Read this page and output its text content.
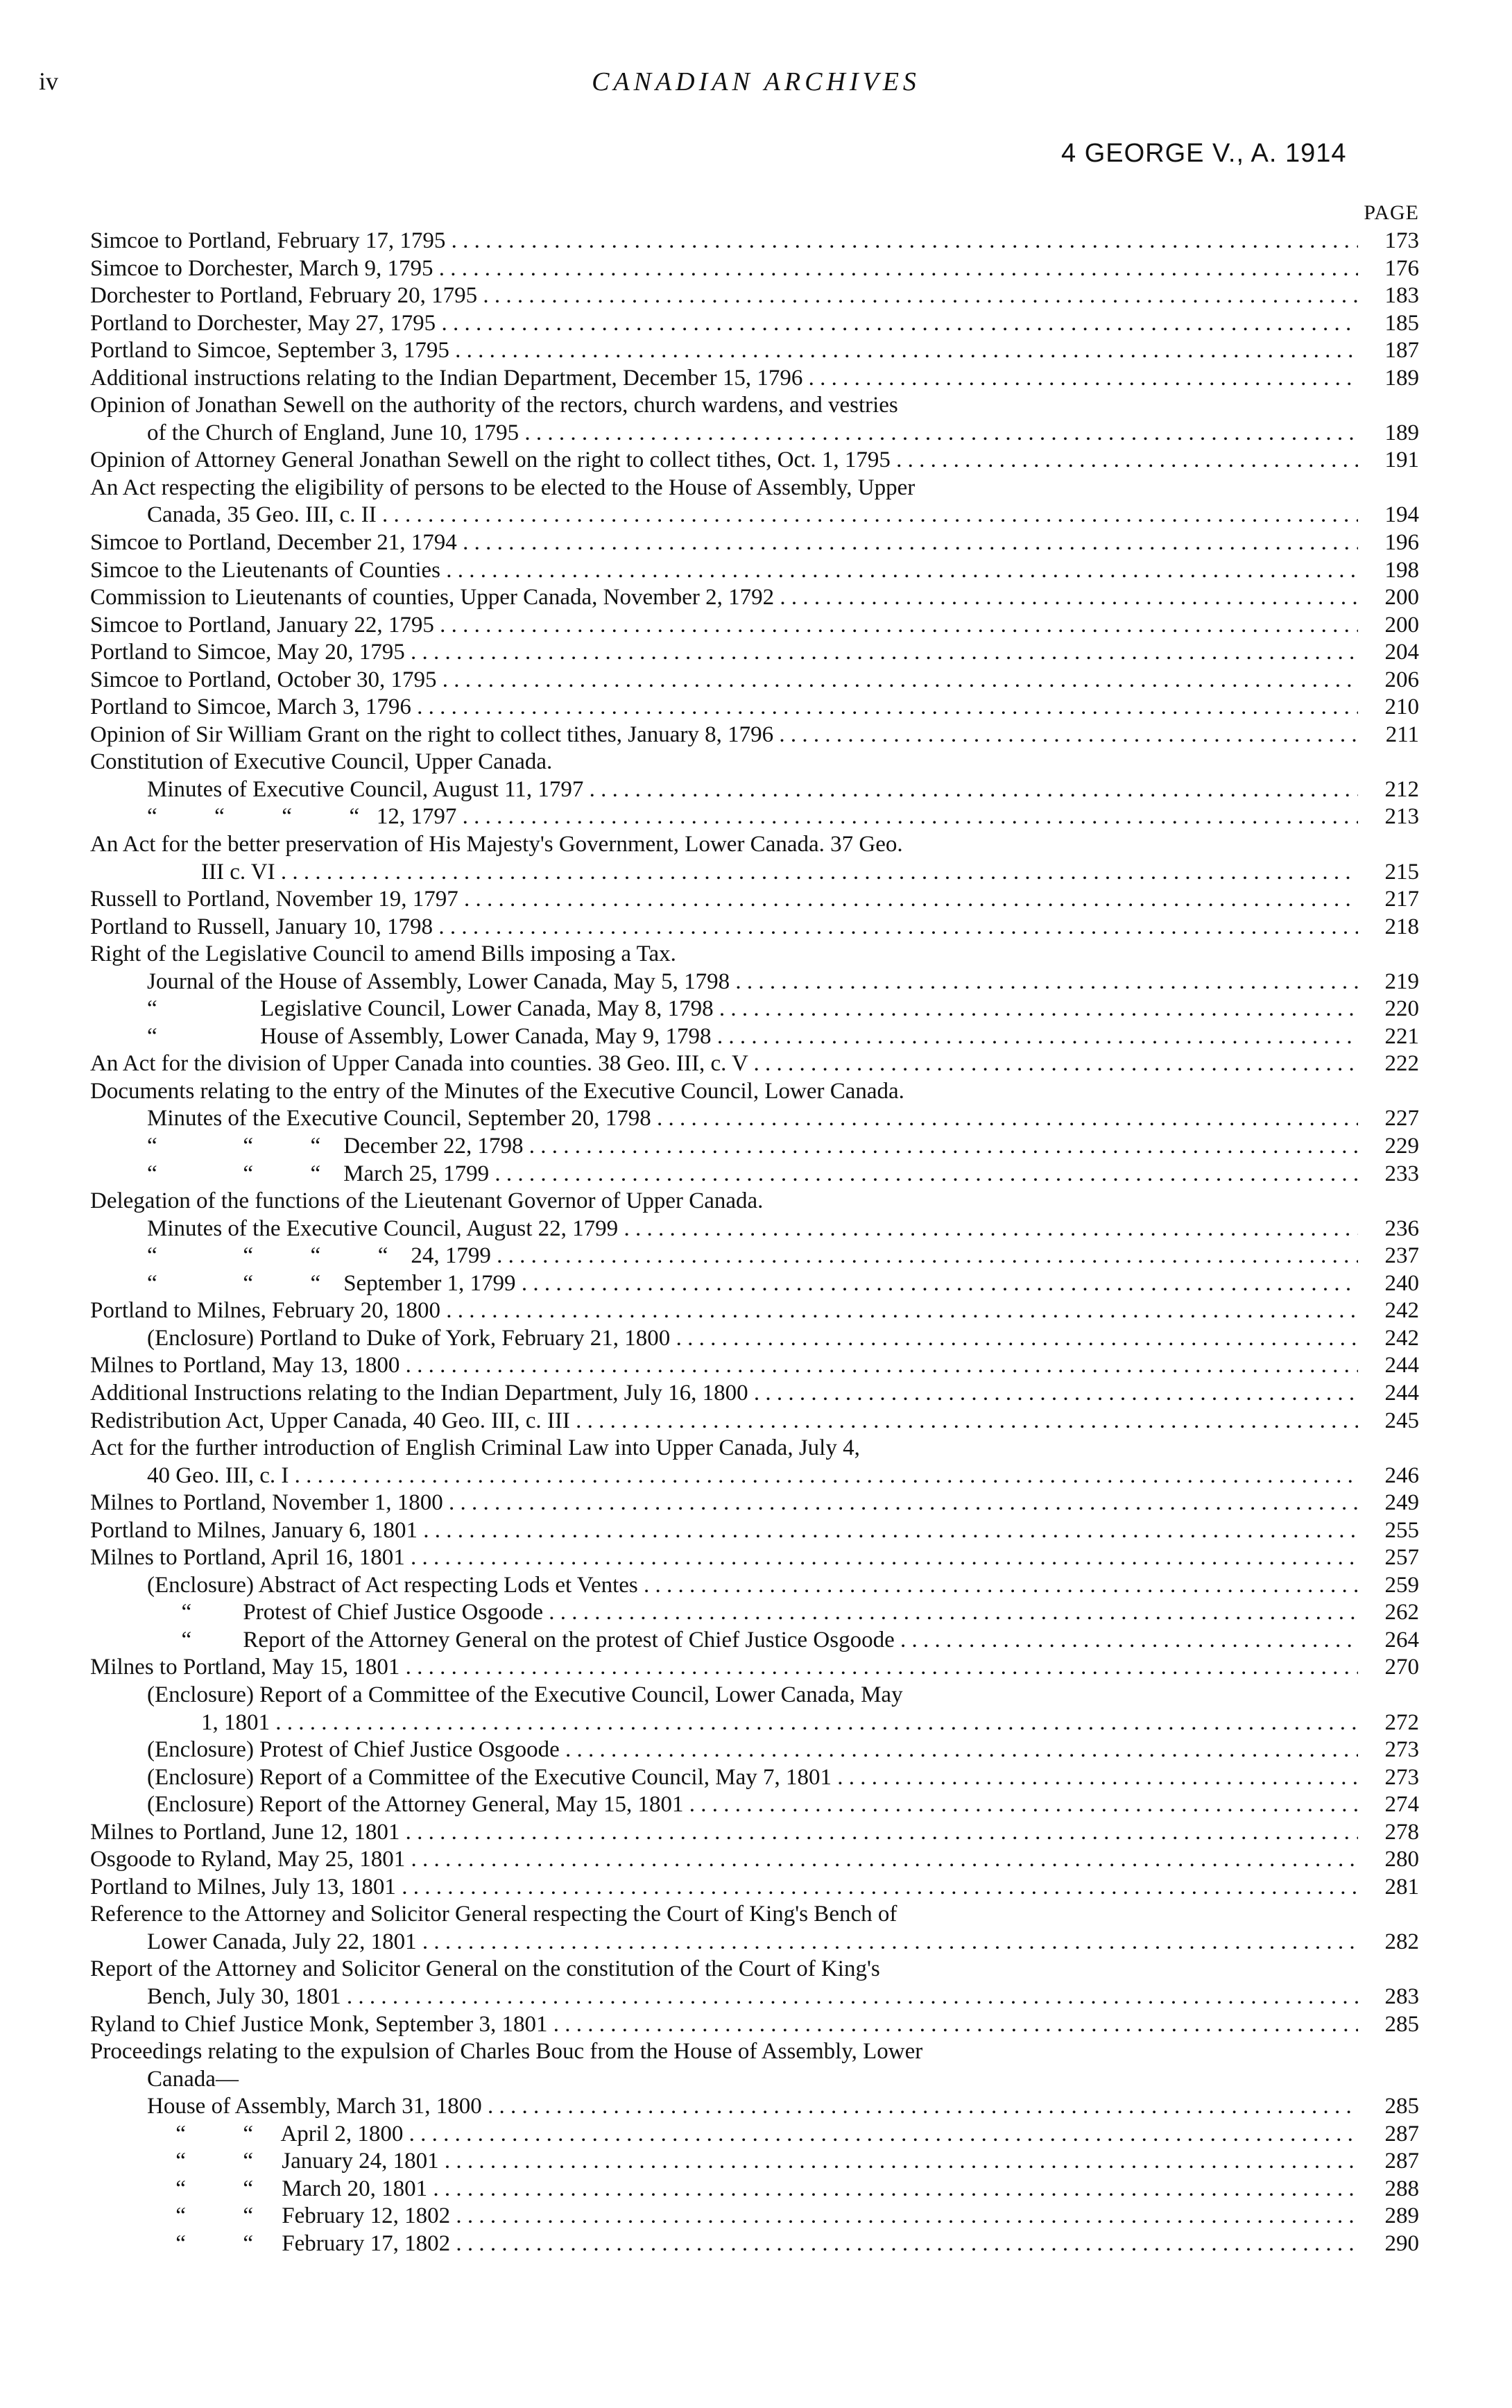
iv	CANADIAN ARCHIVES
4 GEORGE V., A. 1914
PAGE
Simcoe to Portland, February 17, 1795 . . .	173
Simcoe to Dorchester, March 9, 1795 . . .	176
Dorchester to Portland, February 20, 1795 . . .	183
Portland to Dorchester, May 27, 1795 . . .	185
Portland to Simcoe, September 3, 1795 . . .	187
Additional instructions relating to the Indian Department, December 15, 1796 . . .	189
Opinion of Jonathan Sewell on the authority of the rectors, church wardens, and vestries
of the Church of England, June 10, 1795 . . .	189
Opinion of Attorney General Jonathan Sewell on the right to collect tithes, Oct. 1, 1795 . . .	191
An Act respecting the eligibility of persons to be elected to the House of Assembly, Upper
Canada, 35 Geo. III, c. II . . .	194
Simcoe to Portland, December 21, 1794 . . .	196
Simcoe to the Lieutenants of Counties . . .	198
Commission to Lieutenants of counties, Upper Canada, November 2, 1792 . . .	200
Simcoe to Portland, January 22, 1795 . . .	200
Portland to Simcoe, May 20, 1795 . . .	204
Simcoe to Portland, October 30, 1795 . . .	206
Portland to Simcoe, March 3, 1796 . . .	210
Opinion of Sir William Grant on the right to collect tithes, January 8, 1796 . . .	211
Constitution of Executive Council, Upper Canada.
Minutes of Executive Council, August 11, 1797 . . .	212
“          “          “          “   12, 1797 . . .	213
An Act for the better preservation of His Majesty's Government, Lower Canada. 37 Geo.
III c. VI . . .	215
Russell to Portland, November 19, 1797 . . .	217
Portland to Russell, January 10, 1798 . . .	218
Right of the Legislative Council to amend Bills imposing a Tax.
Journal of the House of Assembly, Lower Canada, May 5, 1798 . . .	219
“                  Legislative Council, Lower Canada, May 8, 1798 . . .	220
“                  House of Assembly, Lower Canada, May 9, 1798 . . .	221
An Act for the division of Upper Canada into counties. 38 Geo. III, c. V . . .	222
Documents relating to the entry of the Minutes of the Executive Council, Lower Canada.
Minutes of the Executive Council, September 20, 1798 . . .	227
“               “          “    December 22, 1798 . . .	229
“               “          “    March 25, 1799 . . .	233
Delegation of the functions of the Lieutenant Governor of Upper Canada.
Minutes of the Executive Council, August 22, 1799 . . .	236
“               “          “          “    24, 1799 . . .	237
“               “          “    September 1, 1799 . . .	240
Portland to Milnes, February 20, 1800 . . .	242
(Enclosure) Portland to Duke of York, February 21, 1800 . . .	242
Milnes to Portland, May 13, 1800 . . .	244
Additional Instructions relating to the Indian Department, July 16, 1800 . . .	244
Redistribution Act, Upper Canada, 40 Geo. III, c. III . . .	245
Act for the further introduction of English Criminal Law into Upper Canada, July 4,
40 Geo. III, c. I . . .	246
Milnes to Portland, November 1, 1800 . . .	249
Portland to Milnes, January 6, 1801 . . .	255
Milnes to Portland, April 16, 1801 . . .	257
(Enclosure) Abstract of Act respecting Lods et Ventes . . .	259
“         Protest of Chief Justice Osgoode . . .	262
“         Report of the Attorney General on the protest of Chief Justice Osgoode . . .	264
Milnes to Portland, May 15, 1801 . . .	270
(Enclosure) Report of a Committee of the Executive Council, Lower Canada, May
1, 1801 . . .	272
(Enclosure) Protest of Chief Justice Osgoode . . .	273
(Enclosure) Report of a Committee of the Executive Council, May 7, 1801 . . .	273
(Enclosure) Report of the Attorney General, May 15, 1801 . . .	274
Milnes to Portland, June 12, 1801 . . .	278
Osgoode to Ryland, May 25, 1801 . . .	280
Portland to Milnes, July 13, 1801 . . .	281
Reference to the Attorney and Solicitor General respecting the Court of King's Bench of
Lower Canada, July 22, 1801 . . .	282
Report of the Attorney and Solicitor General on the constitution of the Court of King's
Bench, July 30, 1801 . . .	283
Ryland to Chief Justice Monk, September 3, 1801 . . .	285
Proceedings relating to the expulsion of Charles Bouc from the House of Assembly, Lower
Canada—
House of Assembly, March 31, 1800 . . .	285
“          “     April 2, 1800 . . .	287
“          “     January 24, 1801 . . .	287
“          “     March 20, 1801 . . .	288
“          “     February 12, 1802 . . .	289
“          “     February 17, 1802 . . .	290
